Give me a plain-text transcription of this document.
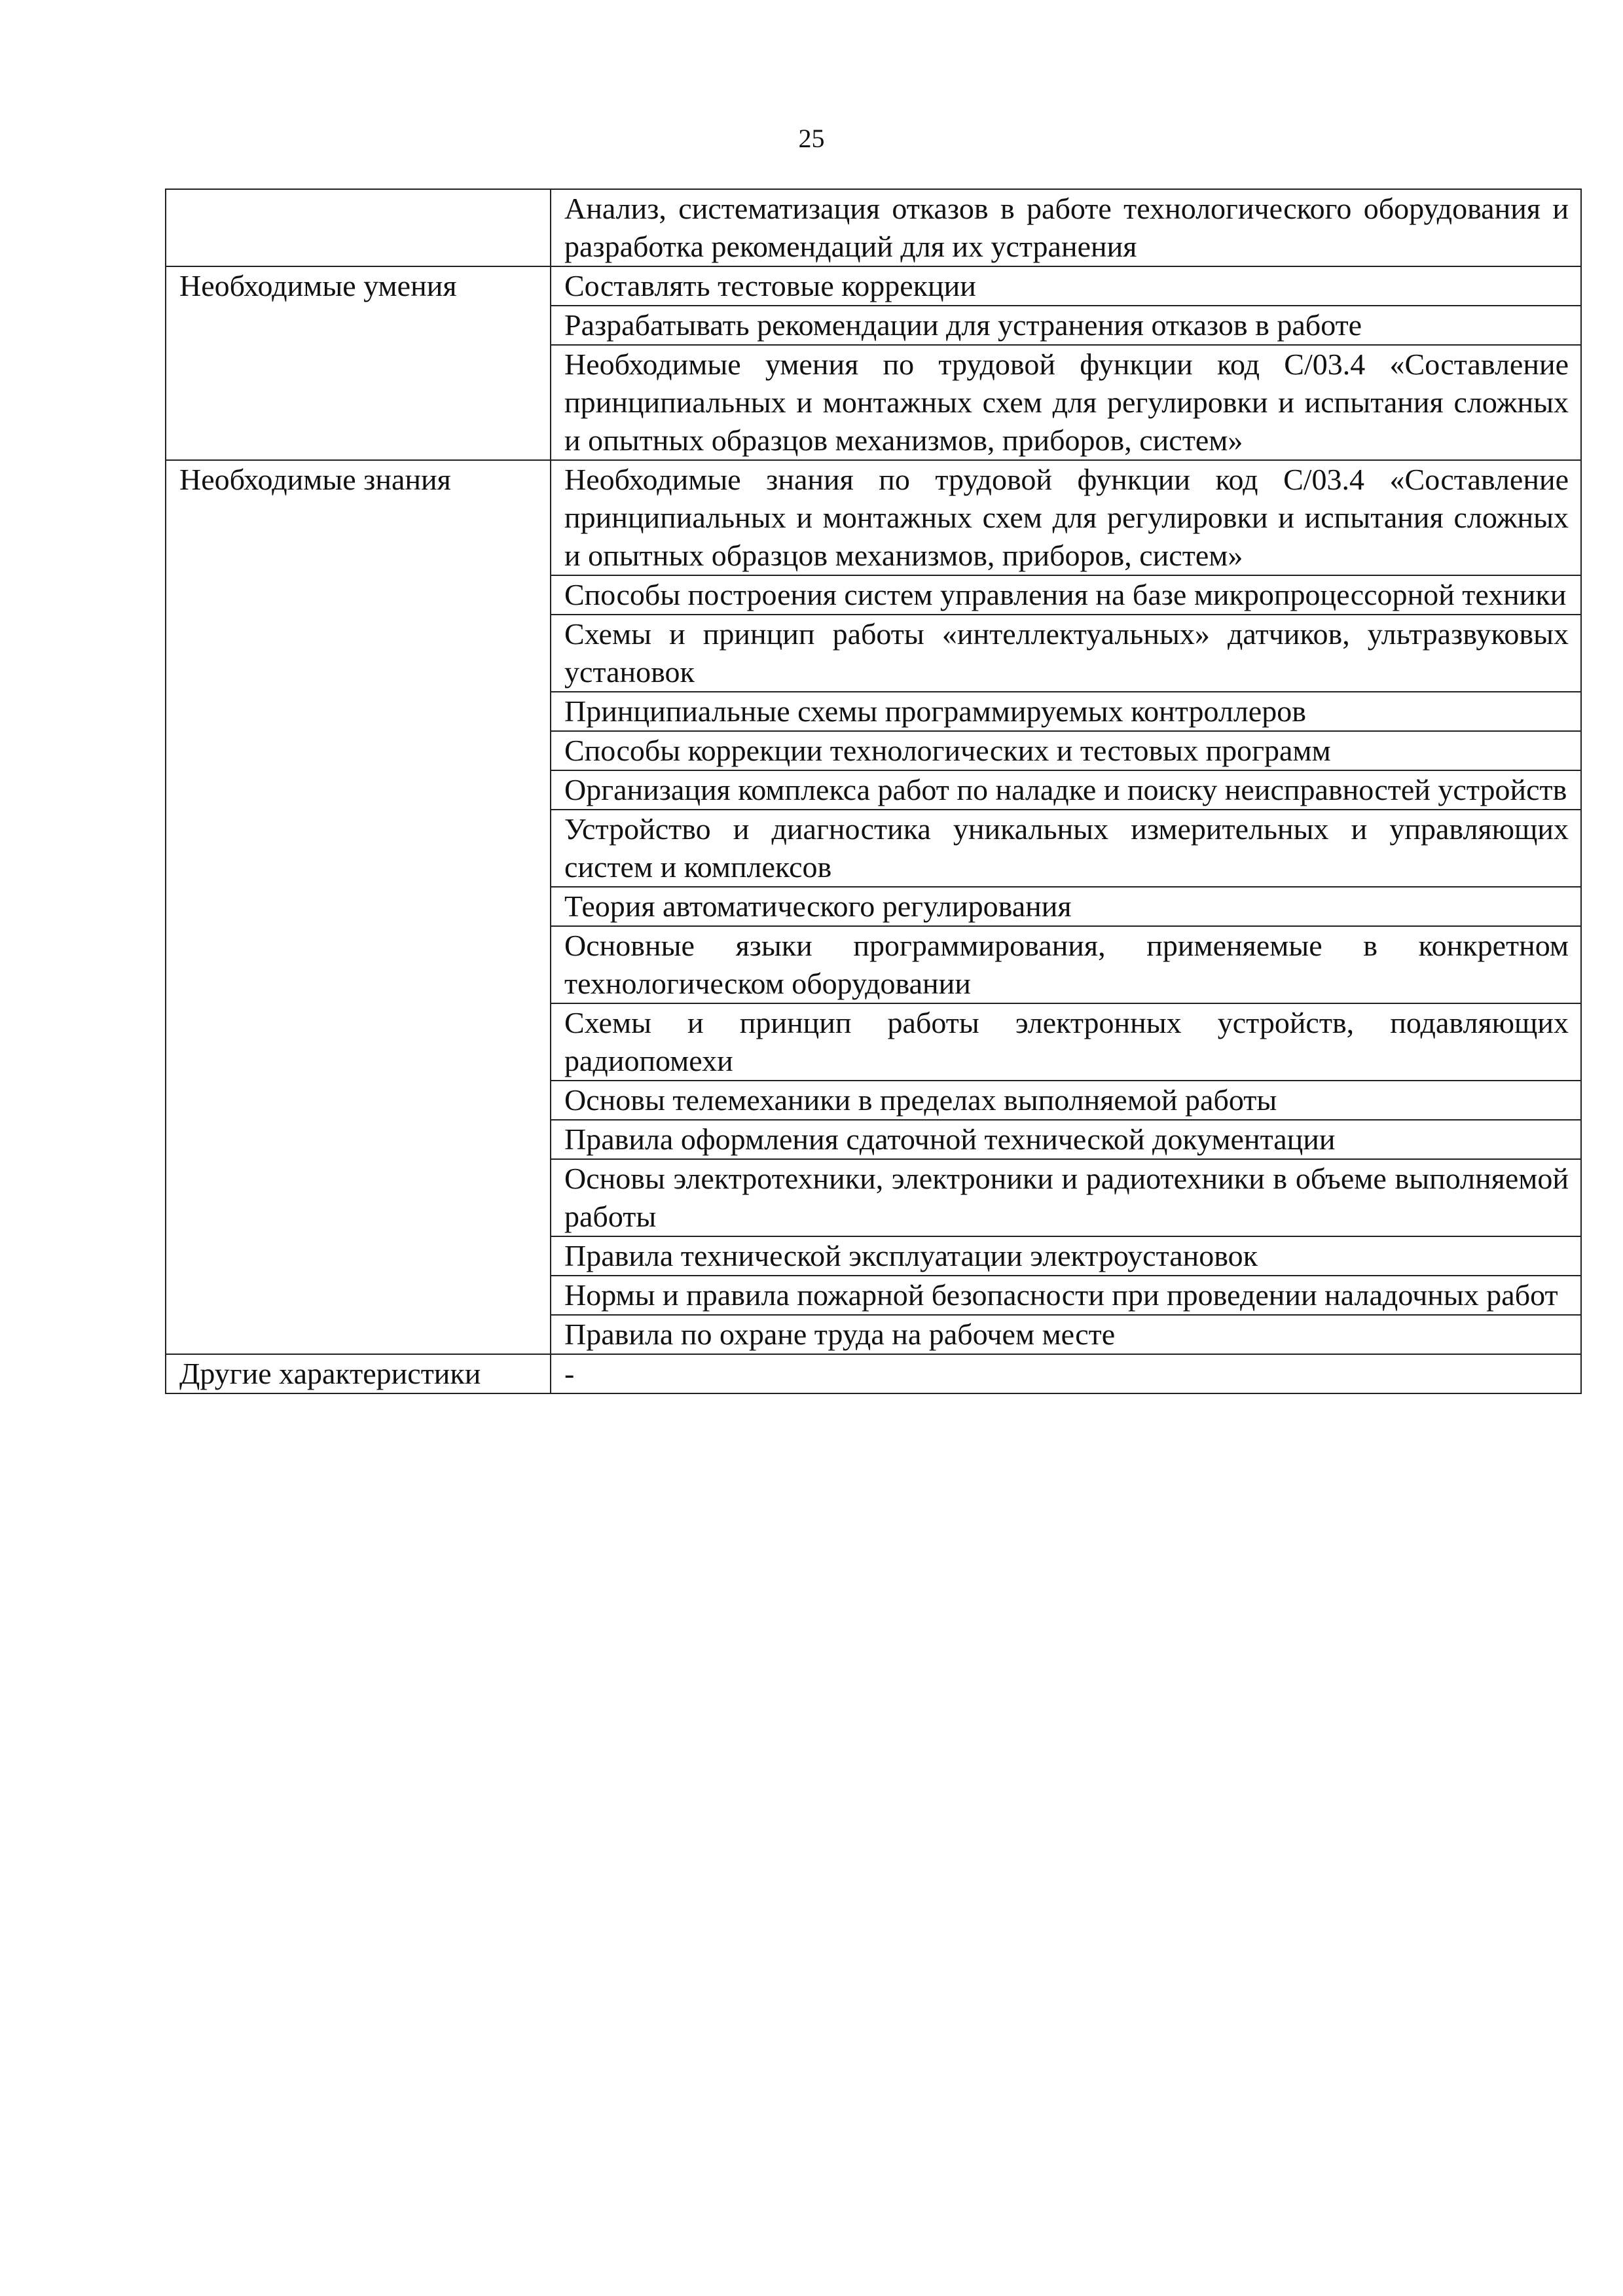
25
	Анализ, систематизация отказов в работе технологического оборудования и разработка рекомендаций для их устранения
Необходимые умения	Составлять тестовые коррекции
	Разрабатывать рекомендации для устранения отказов в работе
	Необходимые умения по трудовой функции код C/03.4 «Составление принципиальных и монтажных схем для регулировки и испытания сложных и опытных образцов механизмов, приборов, систем»
Необходимые знания	Необходимые знания по трудовой функции код C/03.4 «Составление принципиальных и монтажных схем для регулировки и испытания сложных и опытных образцов механизмов, приборов, систем»
	Способы построения систем управления на базе микропроцессорной техники
	Схемы и принцип работы «интеллектуальных» датчиков, ультразвуковых установок
	Принципиальные схемы программируемых контроллеров
	Способы коррекции технологических и тестовых программ
	Организация комплекса работ по наладке и поиску неисправностей устройств
	Устройство и диагностика уникальных измерительных и управляющих систем и комплексов
	Теория автоматического регулирования
	Основные языки программирования, применяемые в конкретном технологическом оборудовании
	Схемы и принцип работы электронных устройств, подавляющих радиопомехи
	Основы телемеханики в пределах выполняемой работы
	Правила оформления сдаточной технической документации
	Основы электротехники, электроники и радиотехники в объеме выполняемой работы
	Правила технической эксплуатации электроустановок
	Нормы и правила пожарной безопасности при проведении наладочных работ
	Правила по охране труда на рабочем месте
Другие характеристики	-
